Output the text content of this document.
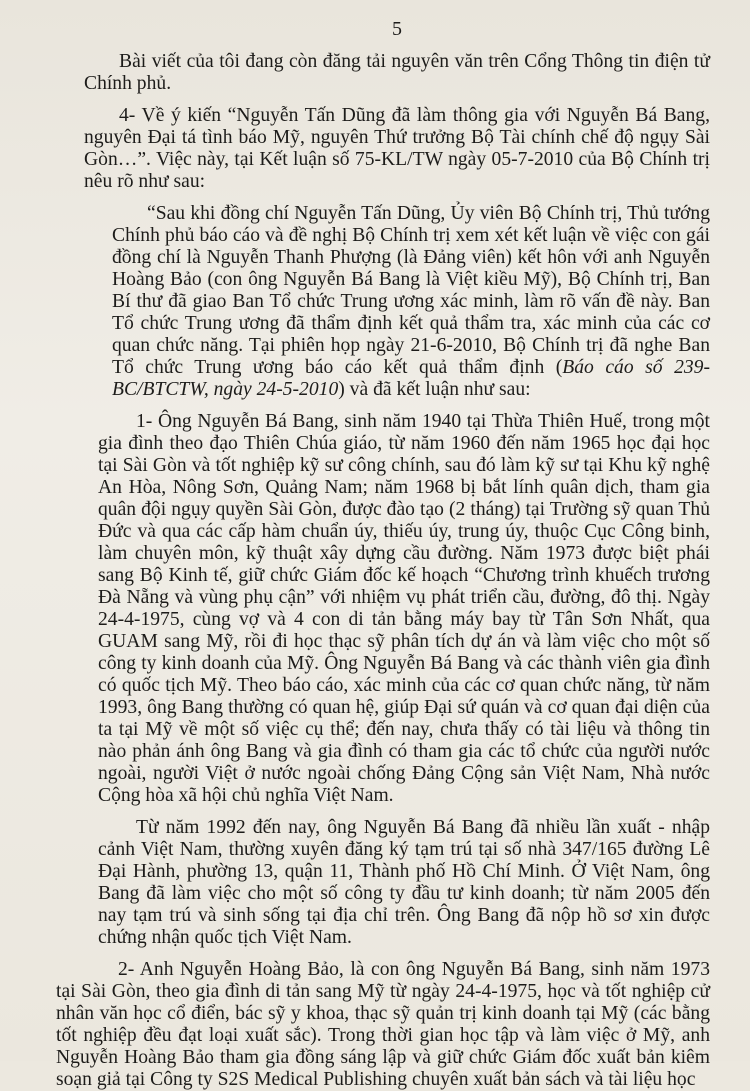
5

Bài viết của tôi đang còn đăng tải nguyên văn trên Cổng Thông tin điện tử Chính phủ.

4- Về ý kiến “Nguyễn Tấn Dũng đã làm thông gia với Nguyễn Bá Bang, nguyên Đại tá tình báo Mỹ, nguyên Thứ trưởng Bộ Tài chính chế độ ngụy Sài Gòn…”. Việc này, tại Kết luận số 75-KL/TW ngày 05-7-2010 của Bộ Chính trị nêu rõ như sau:

“Sau khi đồng chí Nguyễn Tấn Dũng, Ủy viên Bộ Chính trị, Thủ tướng Chính phủ báo cáo và đề nghị Bộ Chính trị xem xét kết luận về việc con gái đồng chí là Nguyễn Thanh Phượng (là Đảng viên) kết hôn với anh Nguyễn Hoàng Bảo (con ông Nguyễn Bá Bang là Việt kiều Mỹ), Bộ Chính trị, Ban Bí thư đã giao Ban Tổ chức Trung ương xác minh, làm rõ vấn đề này. Ban Tổ chức Trung ương đã thẩm định kết quả thẩm tra, xác minh của các cơ quan chức năng. Tại phiên họp ngày 21-6-2010, Bộ Chính trị đã nghe Ban Tổ chức Trung ương báo cáo kết quả thẩm định (Báo cáo số 239-BC/BTCTW, ngày 24-5-2010) và đã kết luận như sau:

1- Ông Nguyễn Bá Bang, sinh năm 1940 tại Thừa Thiên Huế, trong một gia đình theo đạo Thiên Chúa giáo, từ năm 1960 đến năm 1965 học đại học tại Sài Gòn và tốt nghiệp kỹ sư công chính, sau đó làm kỹ sư tại Khu kỹ nghệ An Hòa, Nông Sơn, Quảng Nam; năm 1968 bị bắt lính quân dịch, tham gia quân đội ngụy quyền Sài Gòn, được đào tạo (2 tháng) tại Trường sỹ quan Thủ Đức và qua các cấp hàm chuẩn úy, thiếu úy, trung úy, thuộc Cục Công binh, làm chuyên môn, kỹ thuật xây dựng cầu đường. Năm 1973 được biệt phái sang Bộ Kinh tế, giữ chức Giám đốc kế hoạch “Chương trình khuếch trương Đà Nẵng và vùng phụ cận” với nhiệm vụ phát triển cầu, đường, đô thị. Ngày 24-4-1975, cùng vợ và 4 con di tản bằng máy bay từ Tân Sơn Nhất, qua GUAM sang Mỹ, rồi đi học thạc sỹ phân tích dự án và làm việc cho một số công ty kinh doanh của Mỹ. Ông Nguyễn Bá Bang và các thành viên gia đình có quốc tịch Mỹ. Theo báo cáo, xác minh của các cơ quan chức năng, từ năm 1993, ông Bang thường có quan hệ, giúp Đại sứ quán và cơ quan đại diện của ta tại Mỹ về một số việc cụ thể; đến nay, chưa thấy có tài liệu và thông tin nào phản ánh ông Bang và gia đình có tham gia các tổ chức của người nước ngoài, người Việt ở nước ngoài chống Đảng Cộng sản Việt Nam, Nhà nước Cộng hòa xã hội chủ nghĩa Việt Nam.

Từ năm 1992 đến nay, ông Nguyễn Bá Bang đã nhiều lần xuất - nhập cảnh Việt Nam, thường xuyên đăng ký tạm trú tại số nhà 347/165 đường Lê Đại Hành, phường 13, quận 11, Thành phố Hồ Chí Minh. Ở Việt Nam, ông Bang đã làm việc cho một số công ty đầu tư kinh doanh; từ năm 2005 đến nay tạm trú và sinh sống tại địa chỉ trên. Ông Bang đã nộp hồ sơ xin được chứng nhận quốc tịch Việt Nam.

2- Anh Nguyễn Hoàng Bảo, là con ông Nguyễn Bá Bang, sinh năm 1973 tại Sài Gòn, theo gia đình di tản sang Mỹ từ ngày 24-4-1975, học và tốt nghiệp cử nhân văn học cổ điển, bác sỹ y khoa, thạc sỹ quản trị kinh doanh tại Mỹ (các bằng tốt nghiệp đều đạt loại xuất sắc). Trong thời gian học tập và làm việc ở Mỹ, anh Nguyễn Hoàng Bảo tham gia đồng sáng lập và giữ chức Giám đốc xuất bản kiêm soạn giả tại Công ty S2S Medical Publishing chuyên xuất bản sách và tài liệu học
